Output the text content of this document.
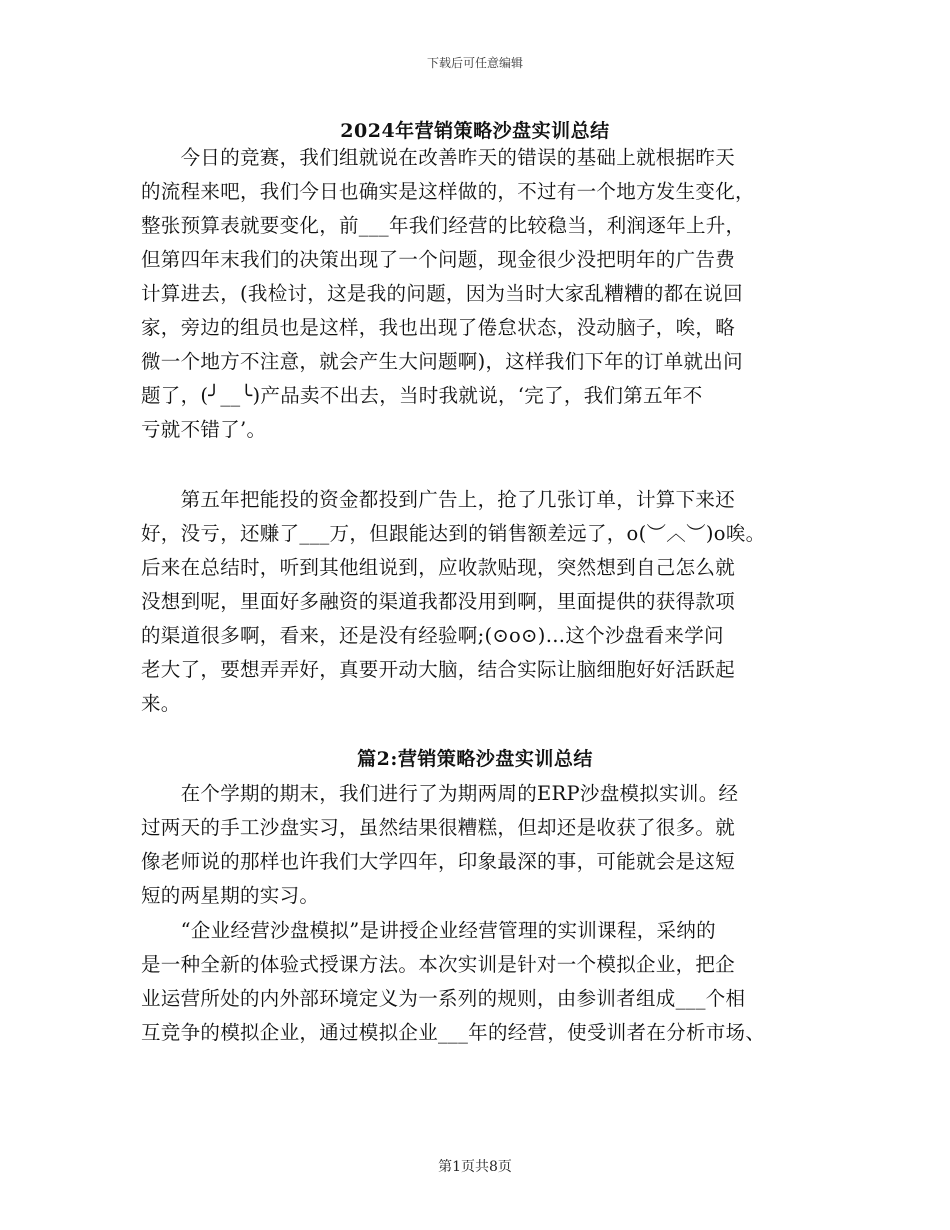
下载后可任意编辑
2024年营销策略沙盘实训总结
　　今日的竞赛，我们组就说在改善昨天的错误的基础上就根据昨天
的流程来吧，我们今日也确实是这样做的，不过有一个地方发生变化，
整张预算表就要变化，前___年我们经营的比较稳当，利润逐年上升，
但第四年末我们的决策出现了一个问题，现金很少没把明年的广告费
计算进去，(我检讨，这是我的问题，因为当时大家乱糟糟的都在说回
家，旁边的组员也是这样，我也出现了倦怠状态，没动脑子，唉，略
微一个地方不注意，就会产生大问题啊)，这样我们下年的订单就出问
题了，(╯__╰)产品卖不出去，当时我就说，‘完了，我们第五年不
亏就不错了’。
　　第五年把能投的资金都投到广告上，抢了几张订单，计算下来还
好，没亏，还赚了___万，但跟能达到的销售额差远了，o(︶︿︶)o唉。
后来在总结时，听到其他组说到，应收款贴现，突然想到自己怎么就
没想到呢，里面好多融资的渠道我都没用到啊，里面提供的获得款项
的渠道很多啊，看来，还是没有经验啊;(⊙o⊙)…这个沙盘看来学问
老大了，要想弄弄好，真要开动大脑，结合实际让脑细胞好好活跃起
来。
篇2:营销策略沙盘实训总结
　　在个学期的期末，我们进行了为期两周的ERP沙盘模拟实训。经
过两天的手工沙盘实习，虽然结果很糟糕，但却还是收获了很多。就
像老师说的那样也许我们大学四年，印象最深的事，可能就会是这短
短的两星期的实习。
　　“企业经营沙盘模拟”是讲授企业经营管理的实训课程，采纳的
是一种全新的体验式授课方法。本次实训是针对一个模拟企业，把企
业运营所处的内外部环境定义为一系列的规则，由参训者组成___个相
互竞争的模拟企业，通过模拟企业___年的经营，使受训者在分析市场、
第1页共8页
